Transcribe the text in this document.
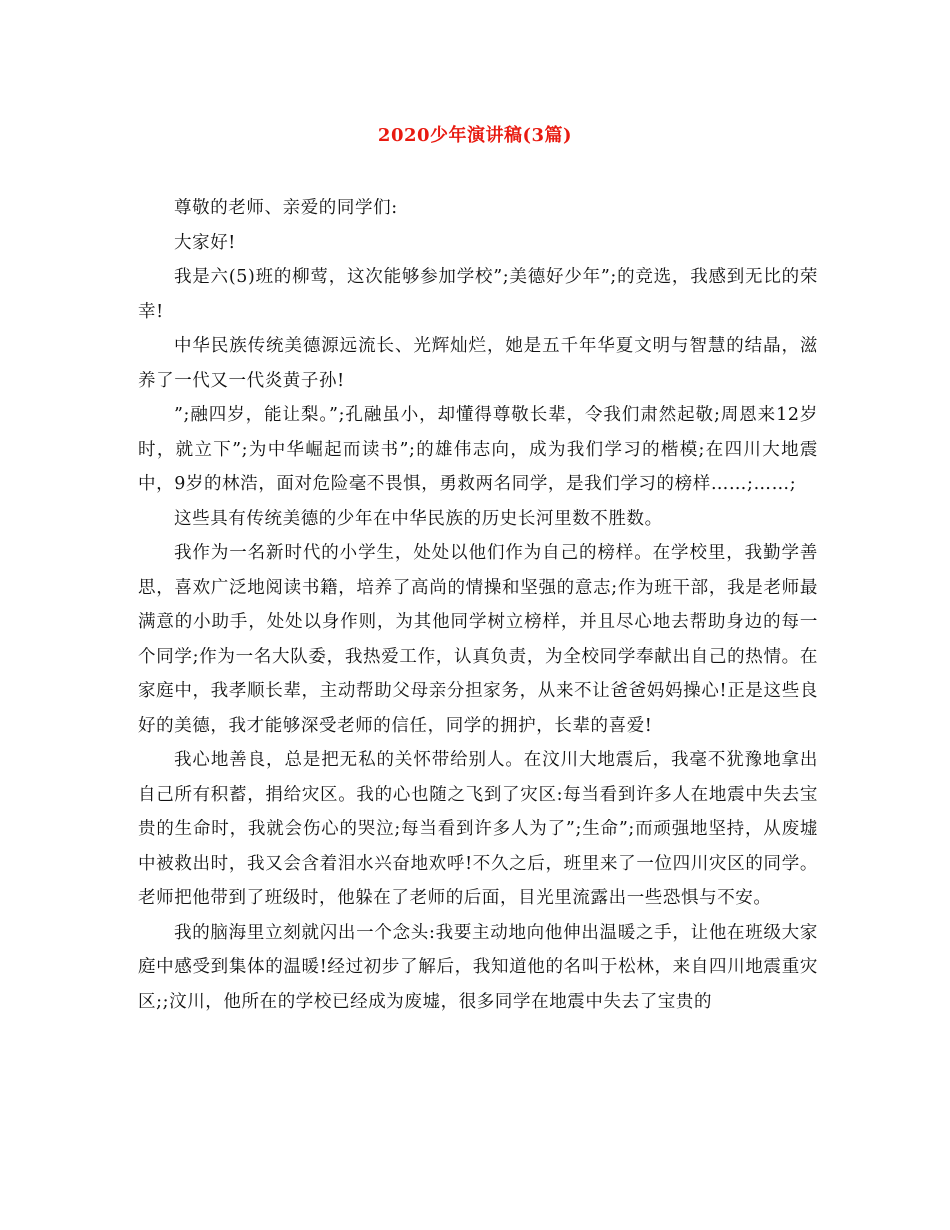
2020少年演讲稿(3篇)

尊敬的老师、亲爱的同学们:

大家好!

我是六(5)班的柳莺，这次能够参加学校”;美德好少年”;的竞选，我感到无比的荣幸!

中华民族传统美德源远流长、光辉灿烂，她是五千年华夏文明与智慧的结晶，滋养了一代又一代炎黄子孙!

”;融四岁，能让梨。”;孔融虽小，却懂得尊敬长辈，令我们肃然起敬;周恩来12岁时，就立下”;为中华崛起而读书”;的雄伟志向，成为我们学习的楷模;在四川大地震中，9岁的林浩，面对危险毫不畏惧，勇救两名同学，是我们学习的榜样……;……;

这些具有传统美德的少年在中华民族的历史长河里数不胜数。

我作为一名新时代的小学生，处处以他们作为自己的榜样。在学校里，我勤学善思，喜欢广泛地阅读书籍，培养了高尚的情操和坚强的意志;作为班干部，我是老师最满意的小助手，处处以身作则，为其他同学树立榜样，并且尽心地去帮助身边的每一个同学;作为一名大队委，我热爱工作，认真负责，为全校同学奉献出自己的热情。在家庭中，我孝顺长辈，主动帮助父母亲分担家务，从来不让爸爸妈妈操心!正是这些良好的美德，我才能够深受老师的信任，同学的拥护，长辈的喜爱!

我心地善良，总是把无私的关怀带给别人。在汶川大地震后，我毫不犹豫地拿出自己所有积蓄，捐给灾区。我的心也随之飞到了灾区:每当看到许多人在地震中失去宝贵的生命时，我就会伤心的哭泣;每当看到许多人为了”;生命”;而顽强地坚持，从废墟中被救出时，我又会含着泪水兴奋地欢呼!不久之后，班里来了一位四川灾区的同学。老师把他带到了班级时，他躲在了老师的后面，目光里流露出一些恐惧与不安。

我的脑海里立刻就闪出一个念头:我要主动地向他伸出温暖之手，让他在班级大家庭中感受到集体的温暖!经过初步了解后，我知道他的名叫于松林，来自四川地震重灾区;;汶川，他所在的学校已经成为废墟，很多同学在地震中失去了宝贵的
